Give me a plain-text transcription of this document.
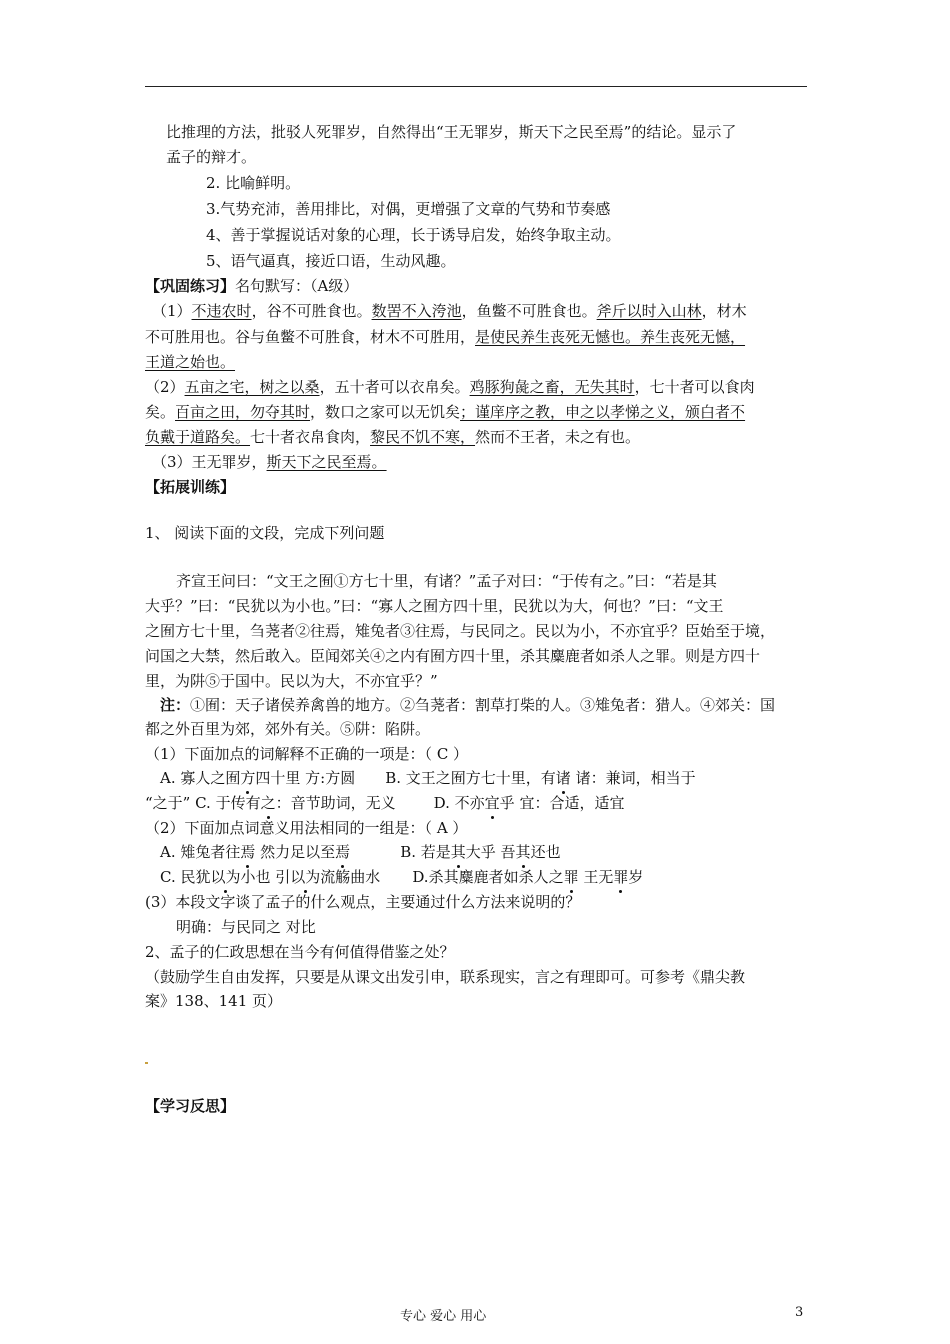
比推理的方法，批驳人死罪岁，自然得出“王无罪岁，斯天下之民至焉”的结论。显示了
孟子的辩才。
2. 比喻鲜明。
3.气势充沛，善用排比，对偶，更增强了文章的气势和节奏感
4、善于掌握说话对象的心理，长于诱导启发，始终争取主动。
5、语气逼真，接近口语，生动风趣。
【巩固练习】名句默写：（A级）
（1）不违农时，谷不可胜食也。数罟不入洿池，鱼鳖不可胜食也。斧斤以时入山林，材木
不可胜用也。谷与鱼鳖不可胜食，材木不可胜用，是使民养生丧死无憾也。养生丧死无憾，
王道之始也。
（2）五亩之宅，树之以桑，五十者可以衣帛矣。鸡豚狗彘之畜，无失其时，七十者可以食肉
矣。百亩之田，勿夺其时，数口之家可以无饥矣；谨庠序之教，申之以孝悌之义，颁白者不
负戴于道路矣。七十者衣帛食肉，黎民不饥不寒，然而不王者，未之有也。
（3）王无罪岁，斯天下之民至焉。
【拓展训练】
1、 阅读下面的文段，完成下列问题
齐宣王问曰：“文王之囿①方七十里，有诸？”孟子对曰：“于传有之。”曰：“若是其
大乎？”曰：“民犹以为小也。”曰：“寡人之囿方四十里，民犹以为大，何也？”曰：“文王
之囿方七十里，刍荛者②往焉，雉兔者③往焉，与民同之。民以为小，不亦宜乎？臣始至于境，
问国之大禁，然后敢入。臣闻郊关④之内有囿方四十里，杀其麋鹿者如杀人之罪。则是方四十
里，为阱⑤于国中。民以为大，不亦宜乎？”
注：①囿：天子诸侯养禽兽的地方。②刍荛者：割草打柴的人。③雉兔者：猎人。④郊关：国
都之外百里为郊，郊外有关。⑤阱：陷阱。
（1）下面加点的词解释不正确的一项是：（ C ）
A. 寡人之囿方四十里 方:方圆 B. 文王之囿方七十里，有诸 诸：兼词，相当于
“之于” C. 于传有之：音节助词，无义	D. 不亦宜乎 宜：合适，适宜
（2）下面加点词意义用法相同的一组是：（ A ）
A. 雉兔者往焉 然力足以至焉	B. 若是其大乎 吾其还也
C. 民犹以为小也 引以为流觞曲水 D.杀其麋鹿者如杀人之罪 王无罪岁
(3）本段文字谈了孟子的什么观点，主要通过什么方法来说明的？
明确：与民同之 对比
2、孟子的仁政思想在当今有何值得借鉴之处？
（鼓励学生自由发挥，只要是从课文出发引申，联系现实，言之有理即可。可参考《鼎尖教
案》138、141 页）
【学习反思】
专心 爱心 用心	3
